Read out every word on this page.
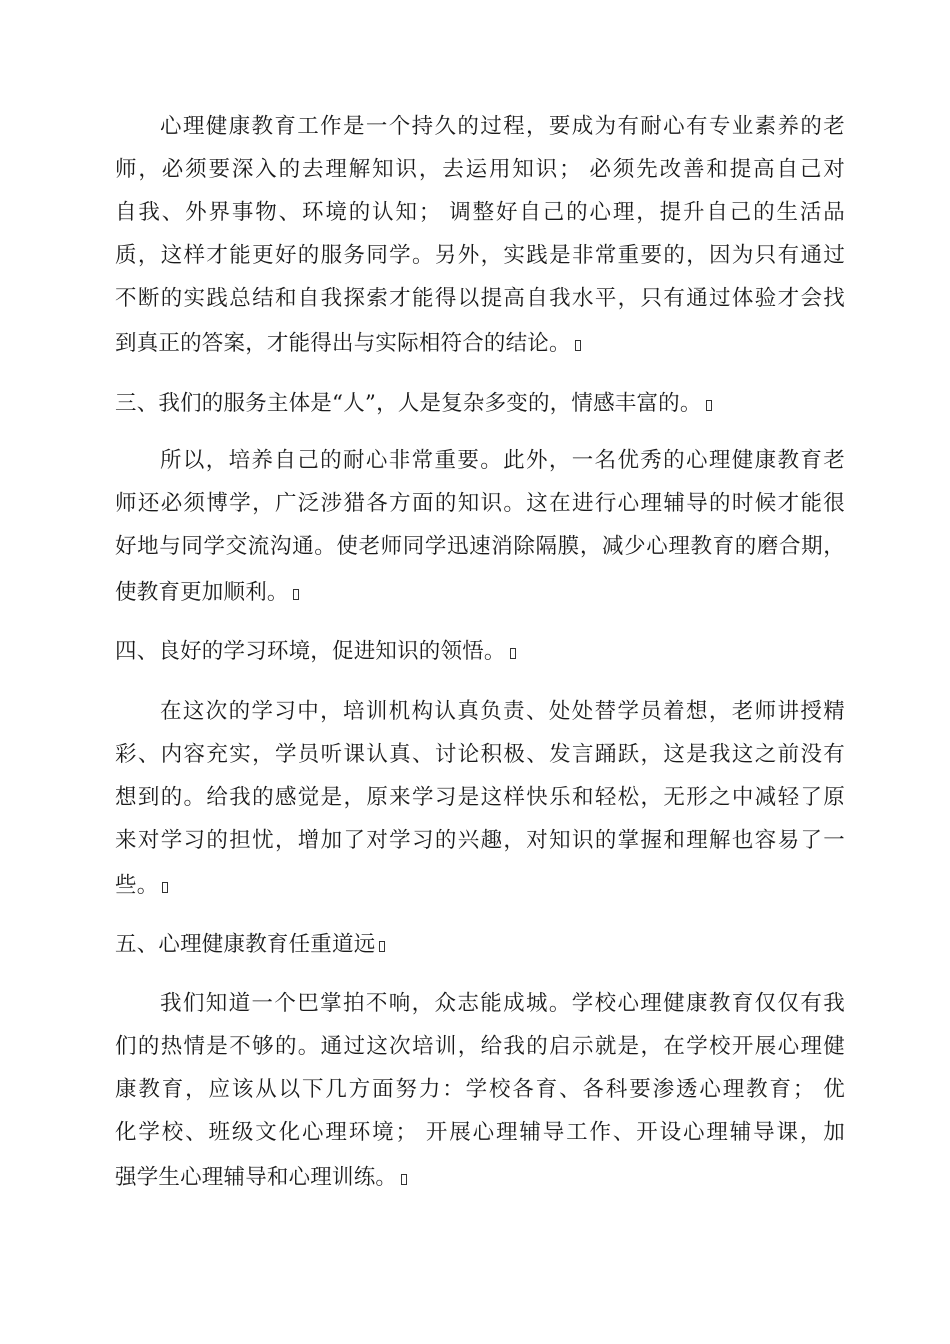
心理健康教育工作是一个持久的过程，要成为有耐心有专业素养的老
师，必须要深入的去理解知识，去运用知识； 必须先改善和提高自己对
自我、外界事物、环境的认知； 调整好自己的心理，提升自己的生活品
质，这样才能更好的服务同学。另外，实践是非常重要的，因为只有通过
不断的实践总结和自我探索才能得以提高自我水平，只有通过体验才会找
到真正的答案，才能得出与实际相符合的结论。
三、我们的服务主体是“人”，人是复杂多变的，情感丰富的。
所以，培养自己的耐心非常重要。此外，一名优秀的心理健康教育老
师还必须博学，广泛涉猎各方面的知识。这在进行心理辅导的时候才能很
好地与同学交流沟通。使老师同学迅速消除隔膜，减少心理教育的磨合期，
使教育更加顺利。
四、良好的学习环境，促进知识的领悟。
在这次的学习中，培训机构认真负责、处处替学员着想，老师讲授精
彩、内容充实，学员听课认真、讨论积极、发言踊跃，这是我这之前没有
想到的。给我的感觉是，原来学习是这样快乐和轻松，无形之中减轻了原
来对学习的担忧，增加了对学习的兴趣，对知识的掌握和理解也容易了一
些。
五、心理健康教育任重道远
我们知道一个巴掌拍不响，众志能成城。学校心理健康教育仅仅有我
们的热情是不够的。通过这次培训，给我的启示就是，在学校开展心理健
康教育，应该从以下几方面努力：学校各育、各科要渗透心理教育； 优
化学校、班级文化心理环境； 开展心理辅导工作、开设心理辅导课，加
强学生心理辅导和心理训练。
